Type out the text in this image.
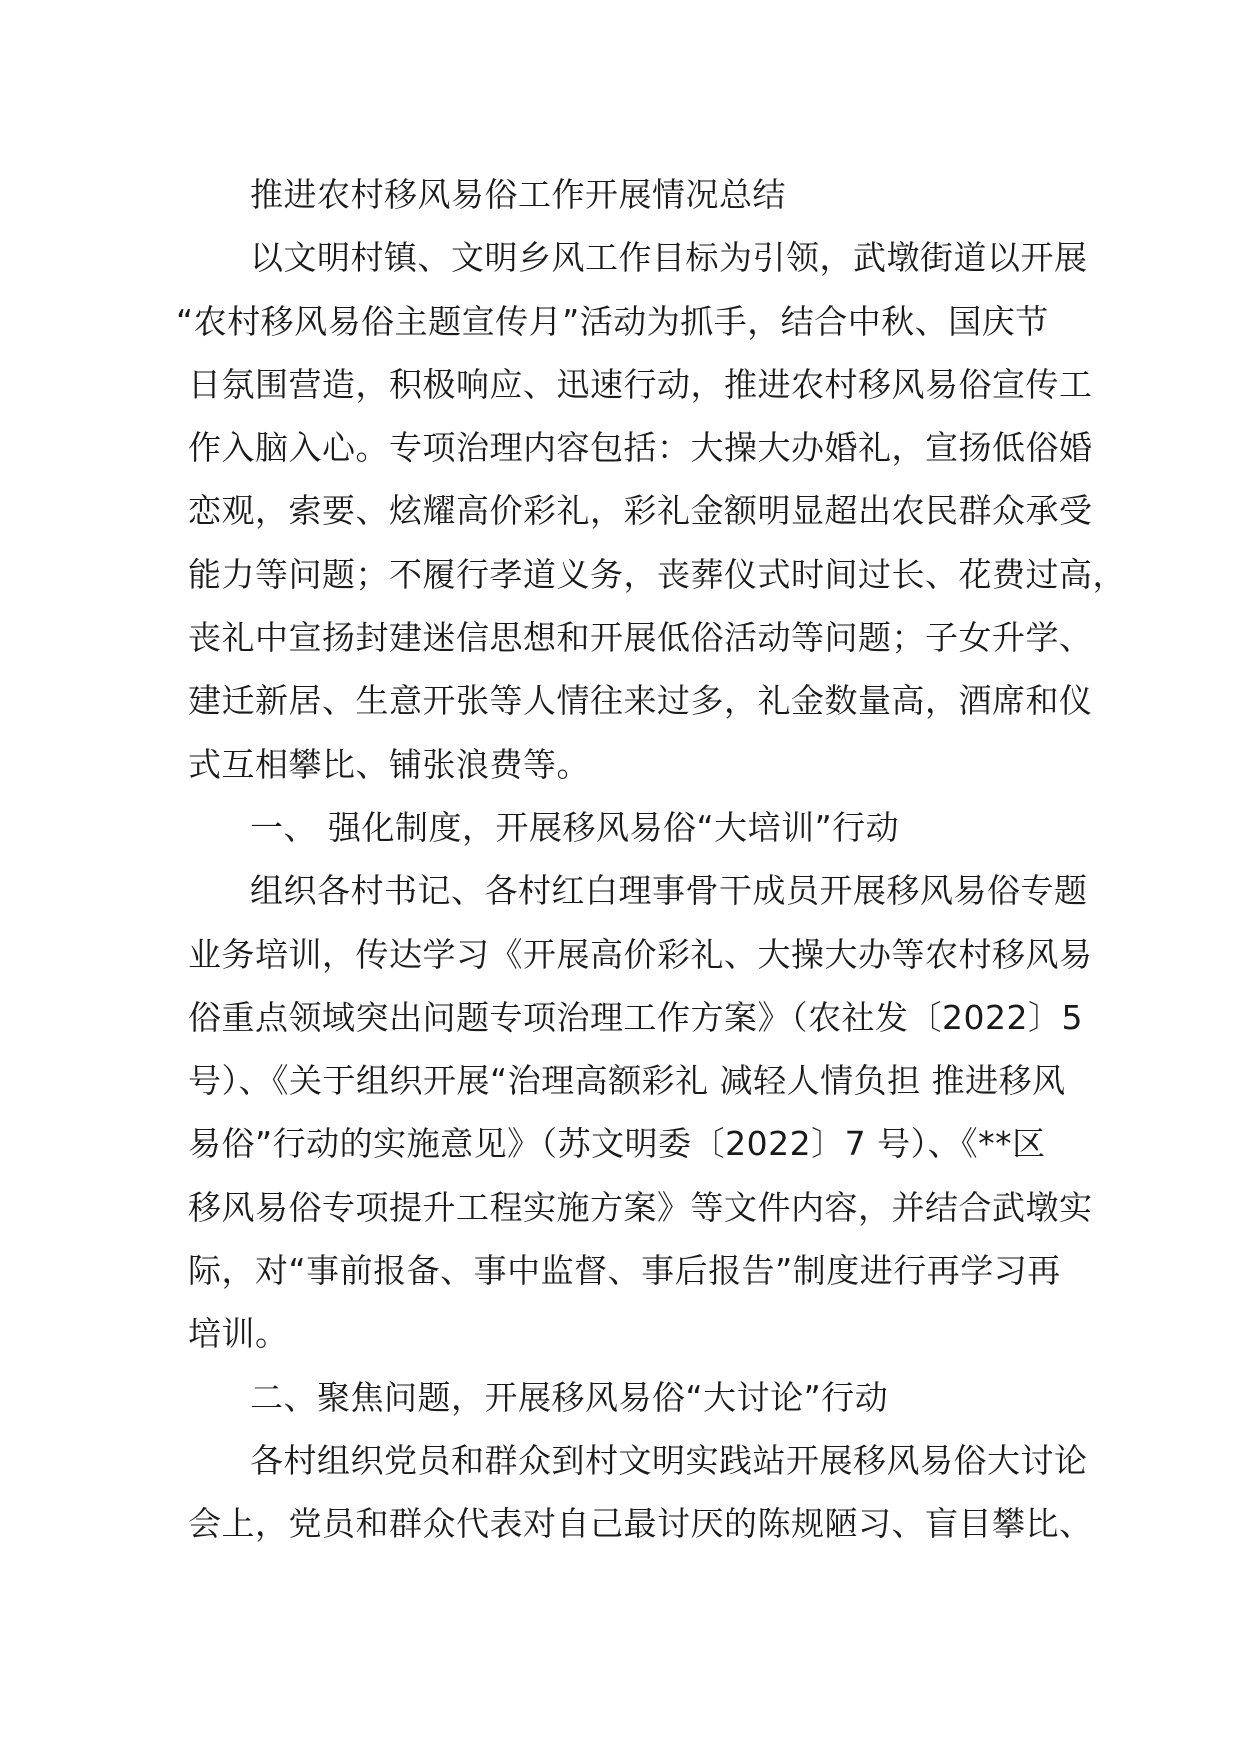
推进农村移风易俗工作开展情况总结
以文明村镇、文明乡风工作目标为引领，武墩街道以开展
“农村移风易俗主题宣传月”活动为抓手，结合中秋、国庆节
日氛围营造，积极响应、迅速行动，推进农村移风易俗宣传工
作入脑入心。专项治理内容包括：大操大办婚礼，宣扬低俗婚
恋观，索要、炫耀高价彩礼，彩礼金额明显超出农民群众承受
能力等问题；不履行孝道义务，丧葬仪式时间过长、花费过高，
丧礼中宣扬封建迷信思想和开展低俗活动等问题；子女升学、
建迁新居、生意开张等人情往来过多，礼金数量高，酒席和仪
式互相攀比、铺张浪费等。
一、 强化制度，开展移风易俗“大培训”行动
组织各村书记、各村红白理事骨干成员开展移风易俗专题
业务培训，传达学习《开展高价彩礼、大操大办等农村移风易
俗重点领域突出问题专项治理工作方案》（农社发〔2022〕5
号）、《关于组织开展“治理高额彩礼 减轻人情负担 推进移风
易俗”行动的实施意见》（苏文明委〔2022〕7 号）、《**区
移风易俗专项提升工程实施方案》等文件内容，并结合武墩实
际，对“事前报备、事中监督、事后报告”制度进行再学习再
培训。
二、聚焦问题，开展移风易俗“大讨论”行动
各村组织党员和群众到村文明实践站开展移风易俗大讨论
会上，党员和群众代表对自己最讨厌的陈规陋习、盲目攀比、
